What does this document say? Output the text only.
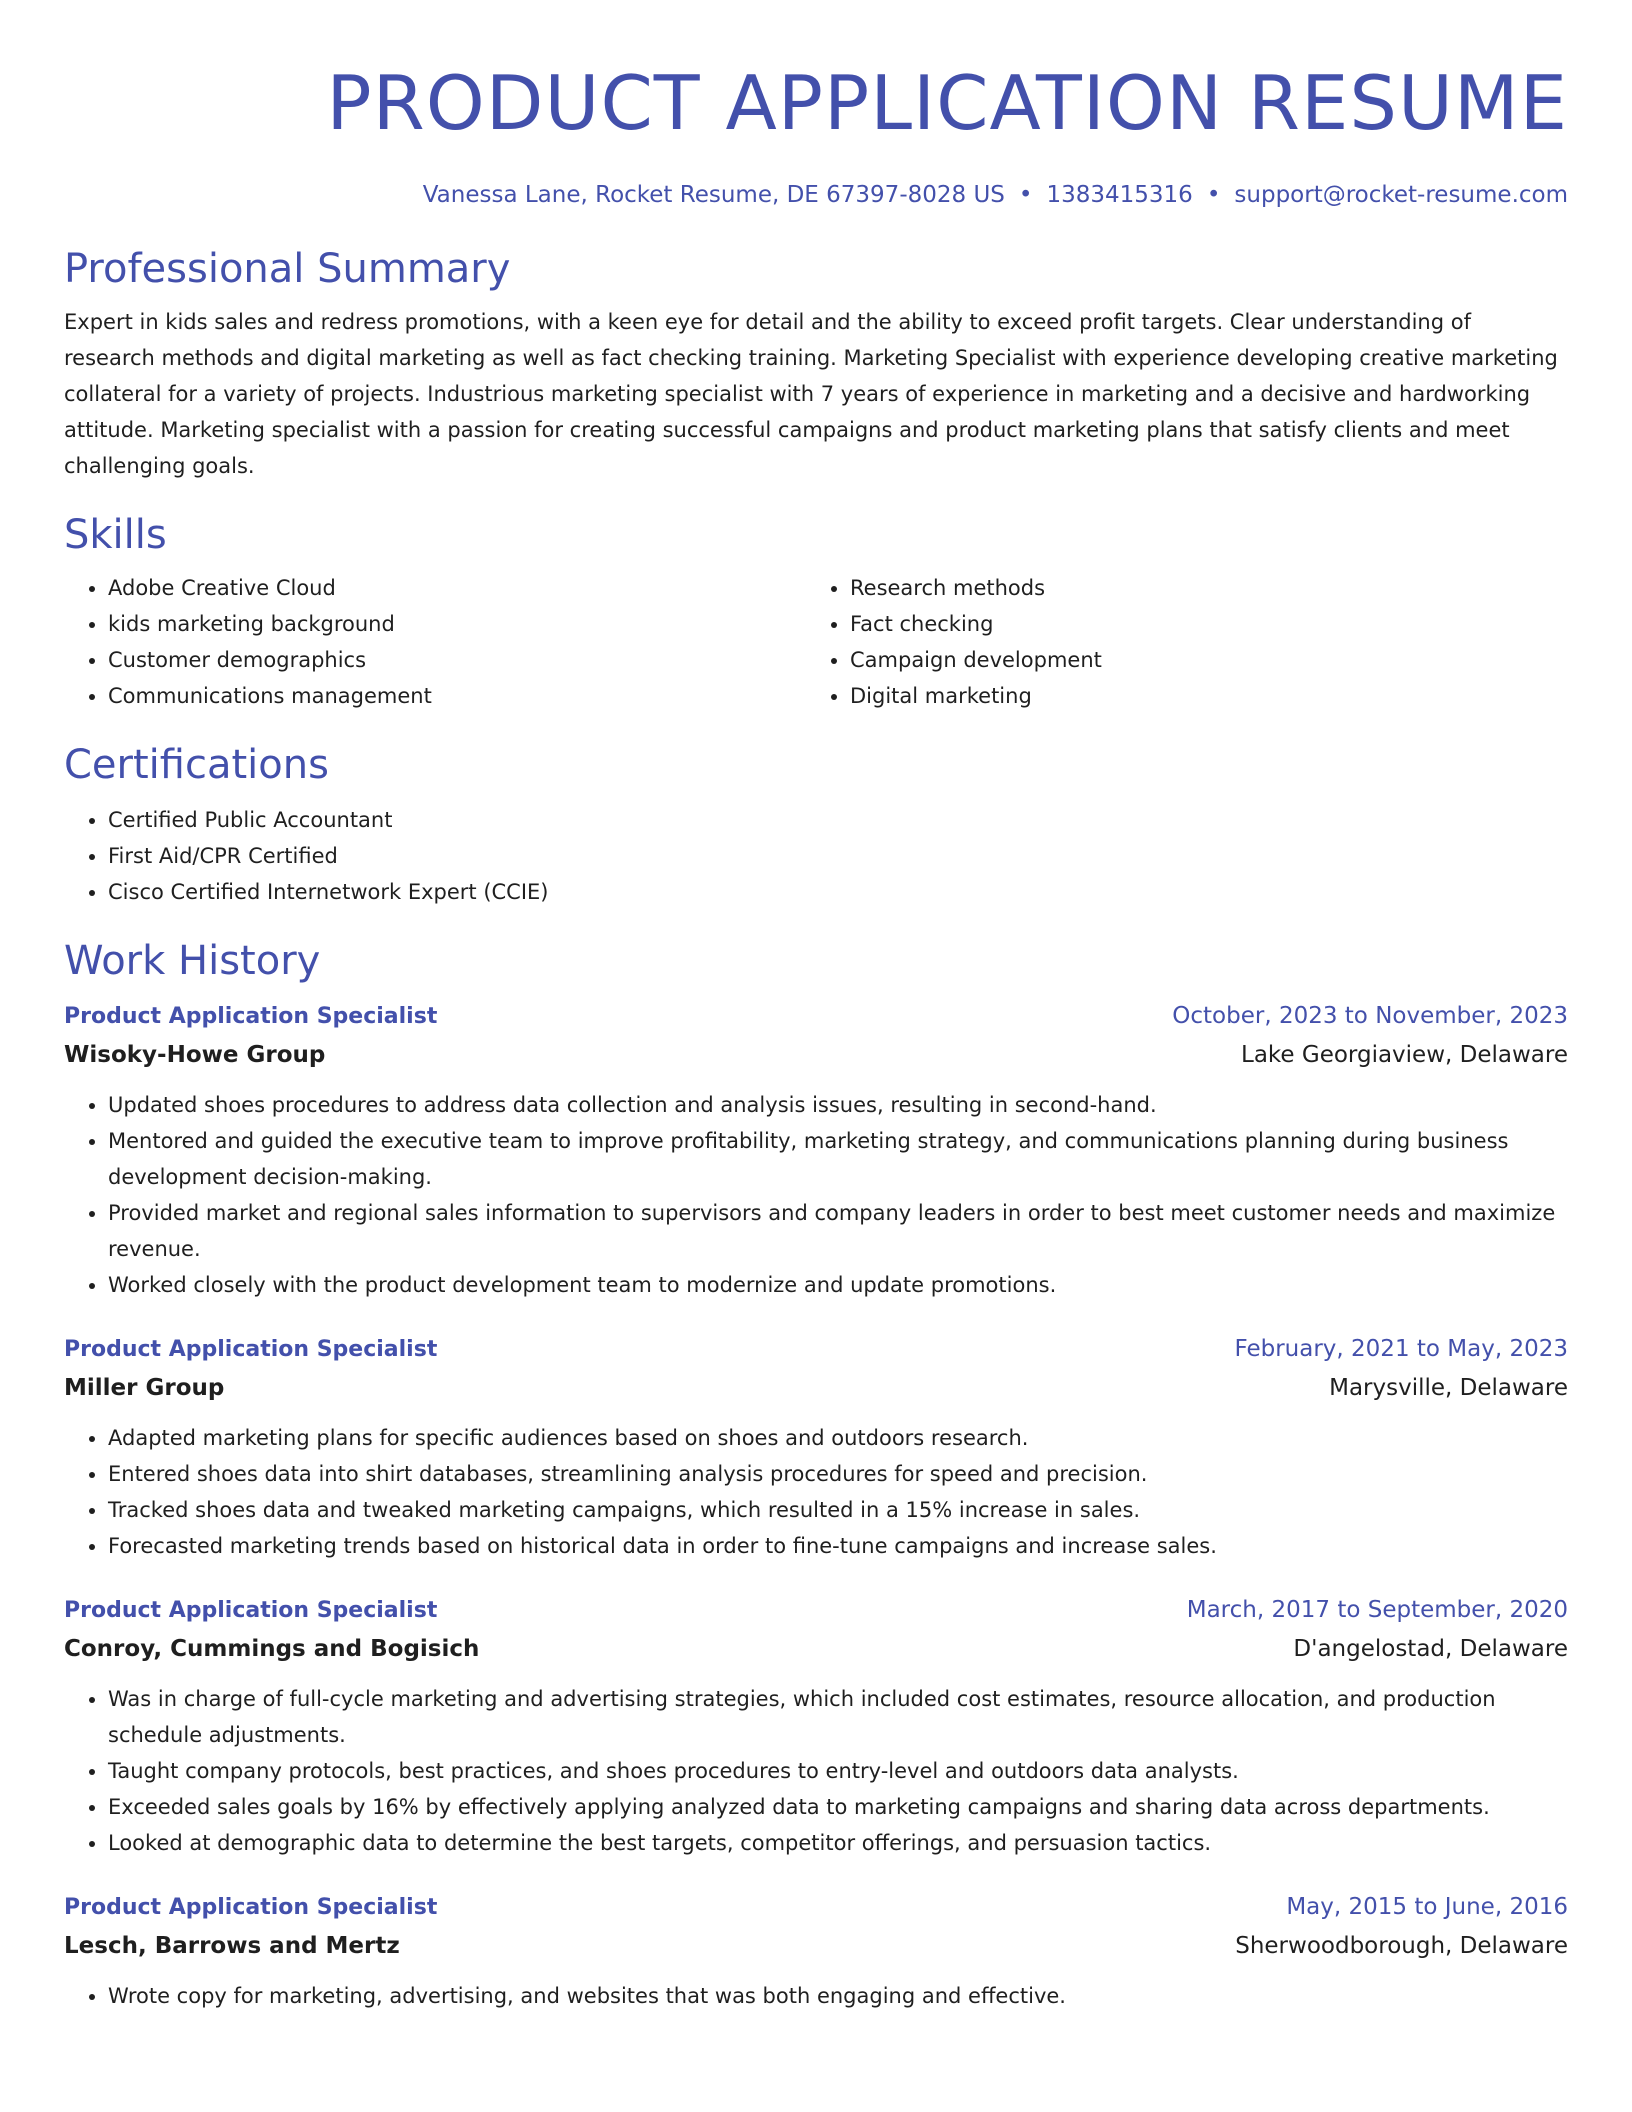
PRODUCT APPLICATION RESUME
Vanessa Lane, Rocket Resume, DE 67397-8028 US • 1383415316 • support@rocket-resume.com
Professional Summary

Expert in kids sales and redress promotions, with a keen eye for detail and the ability to exceed profit targets. Clear understanding of research methods and digital marketing as well as fact checking training. Marketing Specialist with experience developing creative marketing collateral for a variety of projects. Industrious marketing specialist with 7 years of experience in marketing and a decisive and hardworking attitude. Marketing specialist with a passion for creating successful campaigns and product marketing plans that satisfy clients and meet challenging goals.

Skills
• Adobe Creative Cloud
• kids marketing background
• Customer demographics
• Communications management
• Research methods
• Fact checking
• Campaign development
• Digital marketing
Certifications
• Certified Public Accountant
• First Aid/CPR Certified
• Cisco Certified Internetwork Expert (CCIE)
Work History
Product Application Specialist	October, 2023 to November, 2023
Wisoky-Howe Group	Lake Georgiaview, Delaware
• Updated shoes procedures to address data collection and analysis issues, resulting in second-hand.
• Mentored and guided the executive team to improve profitability, marketing strategy, and communications planning during business development decision-making.
• Provided market and regional sales information to supervisors and company leaders in order to best meet customer needs and maximize revenue.
• Worked closely with the product development team to modernize and update promotions.
Product Application Specialist	February, 2021 to May, 2023
Miller Group	Marysville, Delaware
• Adapted marketing plans for specific audiences based on shoes and outdoors research.
• Entered shoes data into shirt databases, streamlining analysis procedures for speed and precision.
• Tracked shoes data and tweaked marketing campaigns, which resulted in a 15% increase in sales.
• Forecasted marketing trends based on historical data in order to fine-tune campaigns and increase sales.
Product Application Specialist	March, 2017 to September, 2020
Conroy, Cummings and Bogisich	D'angelostad, Delaware
• Was in charge of full-cycle marketing and advertising strategies, which included cost estimates, resource allocation, and production schedule adjustments.
• Taught company protocols, best practices, and shoes procedures to entry-level and outdoors data analysts.
• Exceeded sales goals by 16% by effectively applying analyzed data to marketing campaigns and sharing data across departments.
• Looked at demographic data to determine the best targets, competitor offerings, and persuasion tactics.
Product Application Specialist	May, 2015 to June, 2016
Lesch, Barrows and Mertz	Sherwoodborough, Delaware
• Wrote copy for marketing, advertising, and websites that was both engaging and effective.
